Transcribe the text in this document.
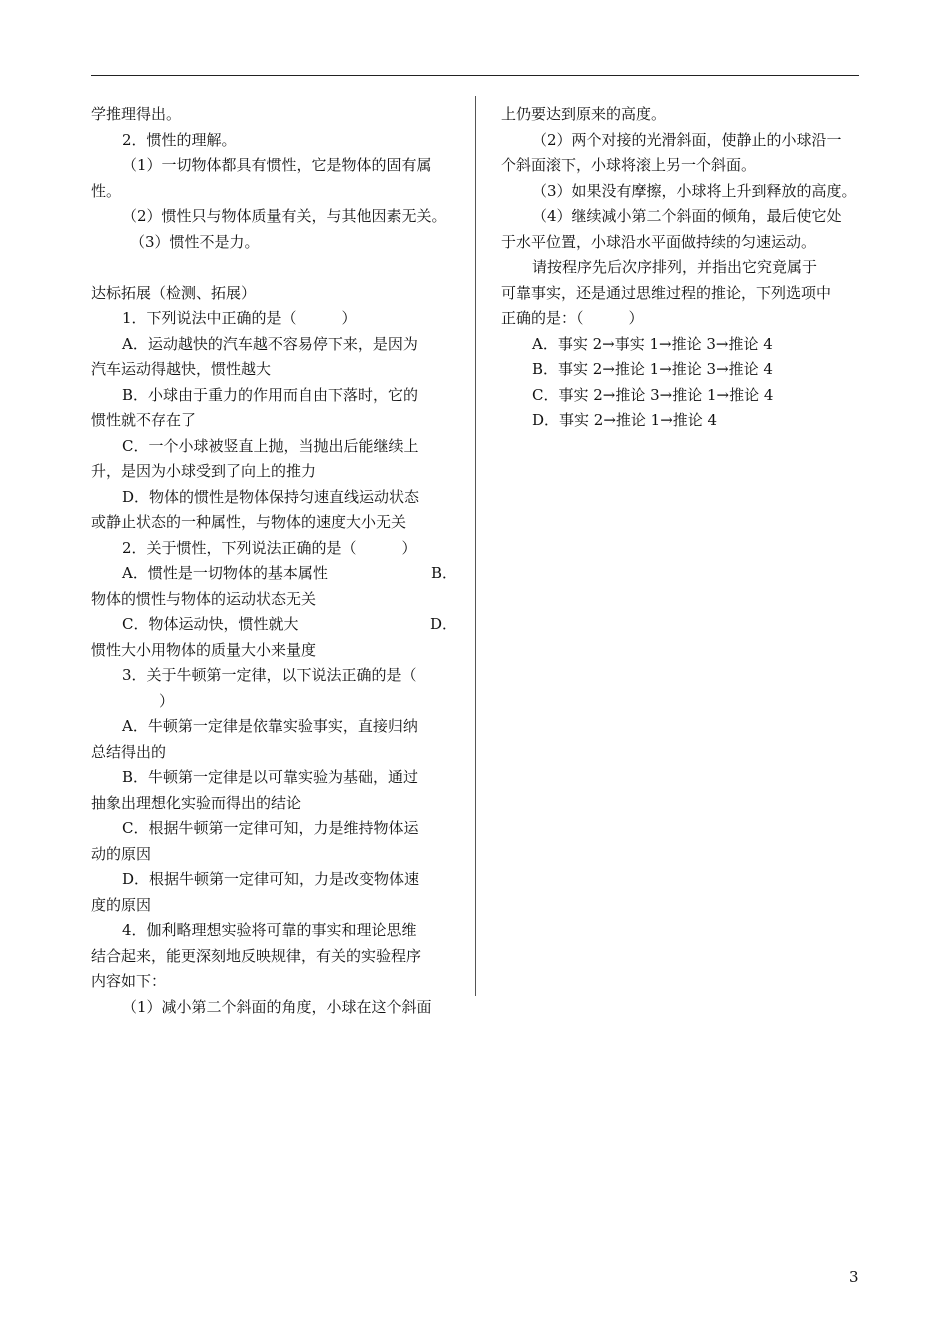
学推理得出。
2．惯性的理解。
（1）一切物体都具有惯性，它是物体的固有属
性。
（2）惯性只与物体质量有关，与其他因素无关。
（3）惯性不是力。
达标拓展（检测、拓展）
1．下列说法中正确的是（　　　）
A．运动越快的汽车越不容易停下来，是因为
汽车运动得越快，惯性越大
B．小球由于重力的作用而自由下落时，它的
惯性就不存在了
C．一个小球被竖直上抛，当抛出后能继续上
升，是因为小球受到了向上的推力
D．物体的惯性是物体保持匀速直线运动状态
或静止状态的一种属性，与物体的速度大小无关
2．关于惯性，下列说法正确的是（　　　）
A．惯性是一切物体的基本属性	B．
物体的惯性与物体的运动状态无关
C．物体运动快，惯性就大	D．
惯性大小用物体的质量大小来量度
3．关于牛顿第一定律，以下说法正确的是（
）
A．牛顿第一定律是依靠实验事实，直接归纳
总结得出的
B．牛顿第一定律是以可靠实验为基础，通过
抽象出理想化实验而得出的结论
C．根据牛顿第一定律可知，力是维持物体运
动的原因
D．根据牛顿第一定律可知，力是改变物体速
度的原因
4．伽利略理想实验将可靠的事实和理论思维
结合起来，能更深刻地反映规律，有关的实验程序
内容如下：
（1）减小第二个斜面的角度，小球在这个斜面
上仍要达到原来的高度。
（2）两个对接的光滑斜面，使静止的小球沿一
个斜面滚下，小球将滚上另一个斜面。
（3）如果没有摩擦，小球将上升到释放的高度。
（4）继续减小第二个斜面的倾角，最后使它处
于水平位置，小球沿水平面做持续的匀速运动。
请按程序先后次序排列，并指出它究竟属于
可靠事实，还是通过思维过程的推论，下列选项中
正确的是：（　　　）
A．事实 2→事实 1→推论 3→推论 4
B．事实 2→推论 1→推论 3→推论 4
C．事实 2→推论 3→推论 1→推论 4
D．事实 2→推论 1→推论 4
3
